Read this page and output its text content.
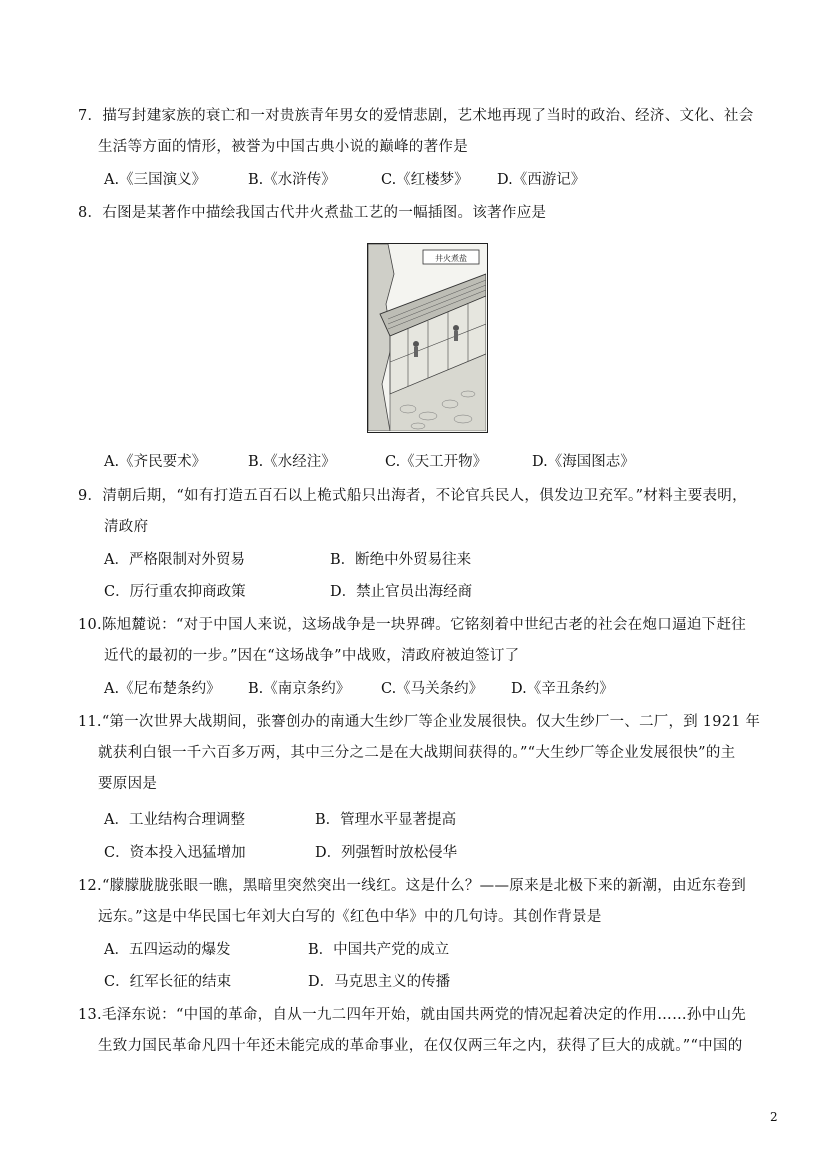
7．描写封建家族的衰亡和一对贵族青年男女的爱情悲剧，艺术地再现了当时的政治、经济、文化、社会
生活等方面的情形，被誉为中国古典小说的巅峰的著作是
A.《三国演义》	B.《水浒传》	C.《红楼梦》 D.《西游记》
8．右图是某著作中描绘我国古代井火煮盐工艺的一幅插图。该著作应是
井火煮盐
A.《齐民要术》	B.《水经注》	C.《天工开物》	D.《海国图志》
9．清朝后期，“如有打造五百石以上桅式船只出海者，不论官兵民人，俱发边卫充军。”材料主要表明，
清政府
A．严格限制对外贸易	B．断绝中外贸易往来
C．厉行重农抑商政策	D．禁止官员出海经商
10.陈旭麓说：“对于中国人来说，这场战争是一块界碑。它铭刻着中世纪古老的社会在炮口逼迫下赶往
近代的最初的一步。”因在“这场战争”中战败，清政府被迫签订了
A.《尼布楚条约》 B.《南京条约》 C.《马关条约》 D.《辛丑条约》
11.“第一次世界大战期间，张謇创办的南通大生纱厂等企业发展很快。仅大生纱厂一、二厂，到 1921 年
就获利白银一千六百多万两，其中三分之二是在大战期间获得的。”“大生纱厂等企业发展很快”的主
要原因是
A．工业结构合理调整	B．管理水平显著提高
C．资本投入迅猛增加	D．列强暂时放松侵华
12.“朦朦胧胧张眼一瞧，黑暗里突然突出一线红。这是什么？——原来是北极下来的新潮，由近东卷到
远东。”这是中华民国七年刘大白写的《红色中华》中的几句诗。其创作背景是
A．五四运动的爆发	B．中国共产党的成立
C．红军长征的结束	D．马克思主义的传播
13.毛泽东说：“中国的革命，自从一九二四年开始，就由国共两党的情况起着决定的作用……孙中山先
生致力国民革命凡四十年还未能完成的革命事业，在仅仅两三年之内，获得了巨大的成就。”“中国的
2
